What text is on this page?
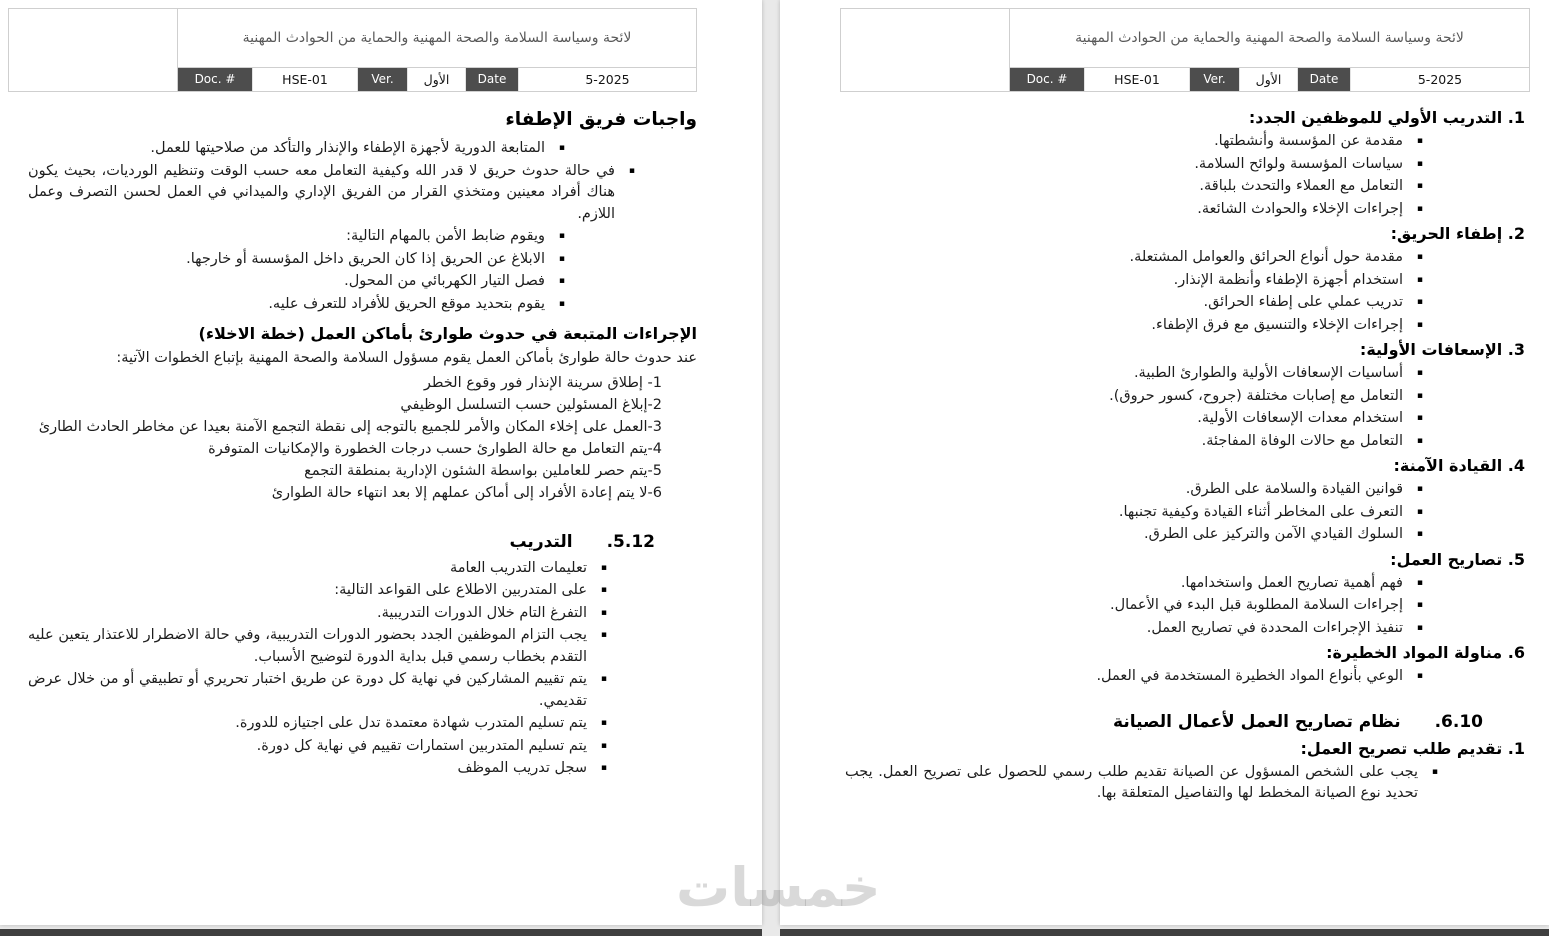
لائحة وسياسة السلامة والصحة المهنية والحماية من الحوادث المهنية
Doc. #	HSE-01	Ver.	الأول	Date	5-2025
واجبات فريق الإطفاء
▪
المتابعة الدورية لأجهزة الإطفاء والإنذار والتأكد من صلاحيتها للعمل.
▪
في حالة حدوث حريق لا قدر الله وكيفية التعامل معه حسب الوقت وتنظيم الورديات، بحيث يكون هناك أفراد معينين ومتخذي القرار من الفريق الإداري والميداني في العمل لحسن التصرف وعمل اللازم.
▪
ويقوم ضابط الأمن بالمهام التالية:
▪
الابلاغ عن الحريق إذا كان الحريق داخل المؤسسة أو خارجها.
▪
فصل التيار الكهربائي من المحول.
▪
يقوم بتحديد موقع الحريق للأفراد للتعرف عليه.
الإجراءات المتبعة في حدوث طوارئ بأماكن العمل (خطة الاخلاء)
عند حدوث حالة طوارئ بأماكن العمل يقوم مسؤول السلامة والصحة المهنية بإتباع الخطوات الآتية:
1- إطلاق سرينة الإنذار فور وقوع الخطر
2-إبلاغ المسئولين حسب التسلسل الوظيفي
3-العمل على إخلاء المكان والأمر للجميع بالتوجه إلى نقطة التجمع الآمنة بعيدا عن مخاطر الحادث الطارئ
4-يتم التعامل مع حالة الطوارئ حسب درجات الخطورة والإمكانيات المتوفرة
5-يتم حصر للعاملين بواسطة الشئون الإدارية بمنطقة التجمع
6-لا يتم إعادة الأفراد إلى أماكن عملهم إلا بعد انتهاء حالة الطوارئ
5.12.
التدريب
▪
تعليمات التدريب العامة
▪
على المتدربين الاطلاع على القواعد التالية:
▪
التفرغ التام خلال الدورات التدريبية.
▪
يجب التزام الموظفين الجدد بحضور الدورات التدريبية، وفي حالة الاضطرار للاعتذار يتعين عليه التقدم بخطاب رسمي قبل بداية الدورة لتوضيح الأسباب.
▪
يتم تقييم المشاركين في نهاية كل دورة عن طريق اختبار تحريري أو تطبيقي أو من خلال عرض تقديمي.
▪
يتم تسليم المتدرب شهادة معتمدة تدل على اجتيازه للدورة.
▪
يتم تسليم المتدربين استمارات تقييم في نهاية كل دورة.
▪
سجل تدريب الموظف
لائحة وسياسة السلامة والصحة المهنية والحماية من الحوادث المهنية
Doc. #	HSE-01	Ver.	الأول	Date	5-2025
1. التدريب الأولي للموظفين الجدد:
▪
مقدمة عن المؤسسة وأنشطتها.
▪
سياسات المؤسسة ولوائح السلامة.
▪
التعامل مع العملاء والتحدث بلباقة.
▪
إجراءات الإخلاء والحوادث الشائعة.
2. إطفاء الحريق:
▪
مقدمة حول أنواع الحرائق والعوامل المشتعلة.
▪
استخدام أجهزة الإطفاء وأنظمة الإنذار.
▪
تدريب عملي على إطفاء الحرائق.
▪
إجراءات الإخلاء والتنسيق مع فرق الإطفاء.
3. الإسعافات الأولية:
▪
أساسيات الإسعافات الأولية والطوارئ الطبية.
▪
التعامل مع إصابات مختلفة (جروح، كسور حروق).
▪
استخدام معدات الإسعافات الأولية.
▪
التعامل مع حالات الوفاة المفاجئة.
4. القيادة الآمنة:
▪
قوانين القيادة والسلامة على الطرق.
▪
التعرف على المخاطر أثناء القيادة وكيفية تجنبها.
▪
السلوك القيادي الآمن والتركيز على الطرق.
5. تصاريح العمل:
▪
فهم أهمية تصاريح العمل واستخدامها.
▪
إجراءات السلامة المطلوبة قبل البدء في الأعمال.
▪
تنفيذ الإجراءات المحددة في تصاريح العمل.
6. مناولة المواد الخطيرة:
▪
الوعي بأنواع المواد الخطيرة المستخدمة في العمل.
6.10.
نظام تصاريح العمل لأعمال الصيانة
1. تقديم طلب تصريح العمل:
▪
يجب على الشخص المسؤول عن الصيانة تقديم طلب رسمي للحصول على تصريح العمل. يجب تحديد نوع الصيانة المخطط لها والتفاصيل المتعلقة بها.
خمسات
